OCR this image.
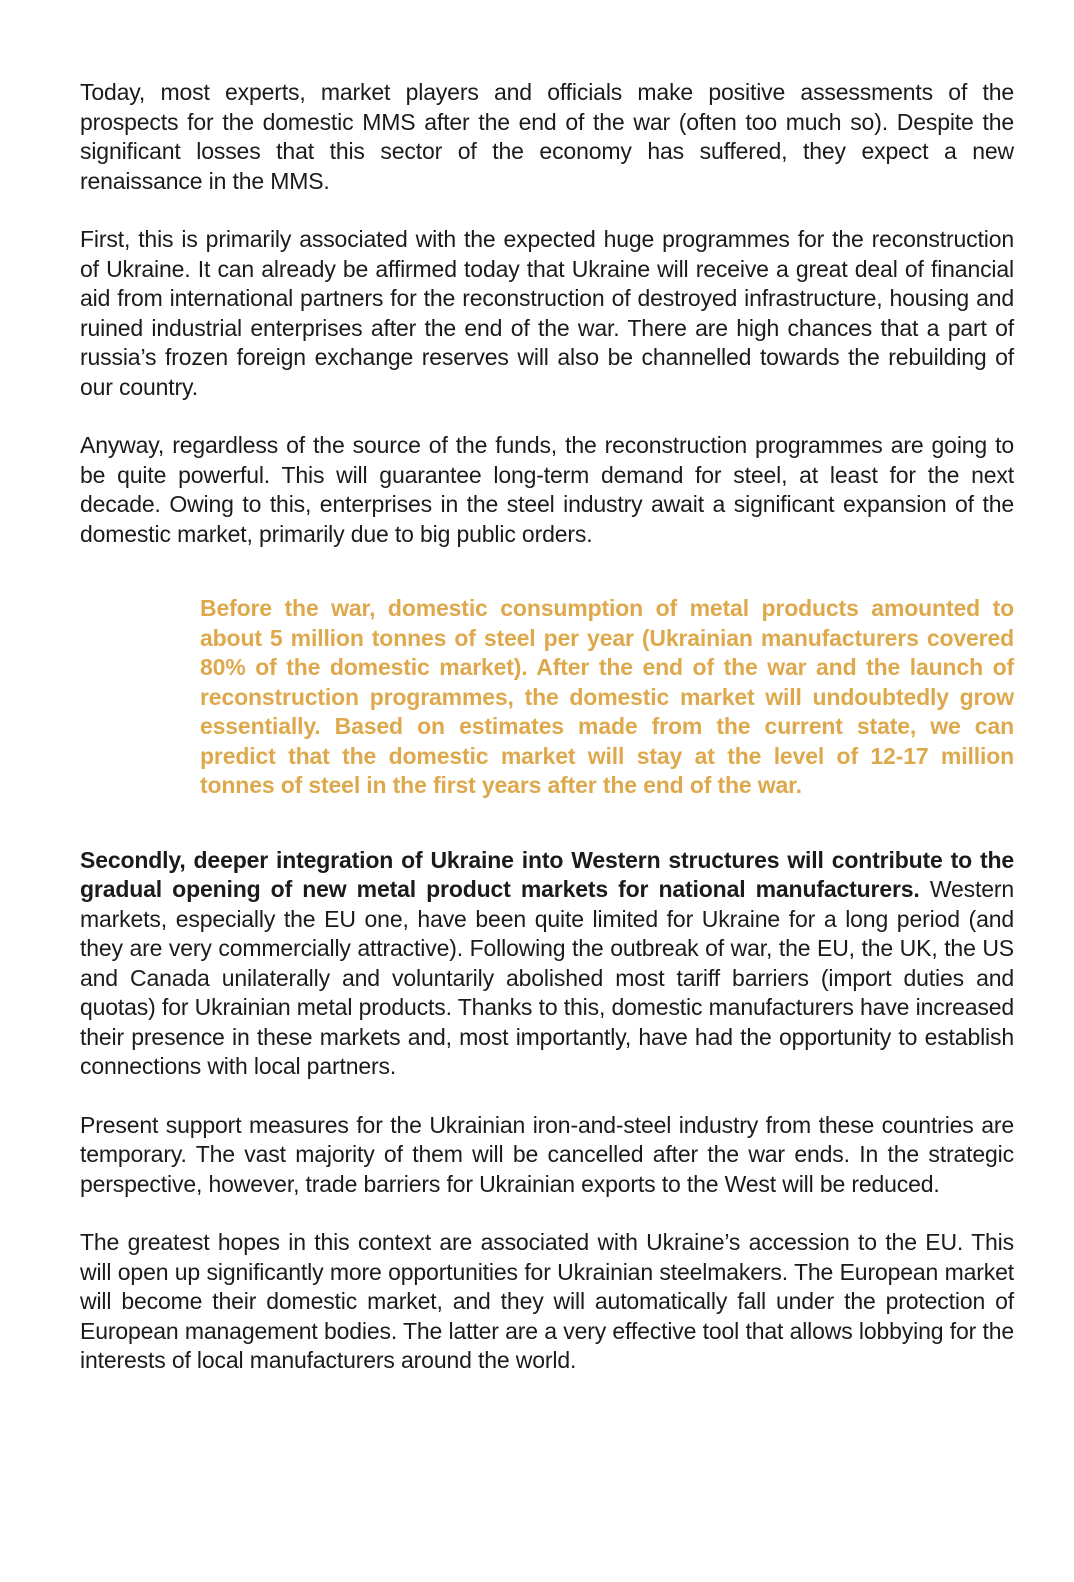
Today, most experts, market players and officials make positive assessments of the prospects for the domestic MMS after the end of the war (often too much so). Despite the significant losses that this sector of the economy has suffered, they expect a new renaissance in the MMS.

First, this is primarily associated with the expected huge programmes for the reconstruction of Ukraine. It can already be affirmed today that Ukraine will receive a great deal of financial aid from international partners for the reconstruction of destroyed infrastructure, housing and ruined industrial enterprises after the end of the war. There are high chances that a part of russia’s frozen foreign exchange reserves will also be channelled towards the rebuilding of our country.

Anyway, regardless of the source of the funds, the reconstruction programmes are going to be quite powerful. This will guarantee long-term demand for steel, at least for the next decade. Owing to this, enterprises in the steel industry await a significant expansion of the domestic market, primarily due to big public orders.

Before the war, domestic consumption of metal products amounted to about 5 million tonnes of steel per year (Ukrainian manufacturers covered 80% of the domestic market). After the end of the war and the launch of reconstruction programmes, the domestic market will undoubtedly grow essentially. Based on estimates made from the current state, we can predict that the domestic market will stay at the level of 12-17 million tonnes of steel in the first years after the end of the war.

Secondly, deeper integration of Ukraine into Western structures will contribute to the gradual opening of new metal product markets for national manufacturers. Western markets, especially the EU one, have been quite limited for Ukraine for a long period (and they are very commercially attractive). Following the outbreak of war, the EU, the UK, the US and Canada unilaterally and voluntarily abolished most tariff barriers (import duties and quotas) for Ukrainian metal products. Thanks to this, domestic manufacturers have increased their presence in these markets and, most importantly, have had the opportunity to establish connections with local partners.

Present support measures for the Ukrainian iron-and-steel industry from these countries are temporary. The vast majority of them will be cancelled after the war ends. In the strategic perspective, however, trade barriers for Ukrainian exports to the West will be reduced.

The greatest hopes in this context are associated with Ukraine’s accession to the EU. This will open up significantly more opportunities for Ukrainian steelmakers. The European market will become their domestic market, and they will automatically fall under the protection of European management bodies. The latter are a very effective tool that allows lobbying for the interests of local manufacturers around the world.
